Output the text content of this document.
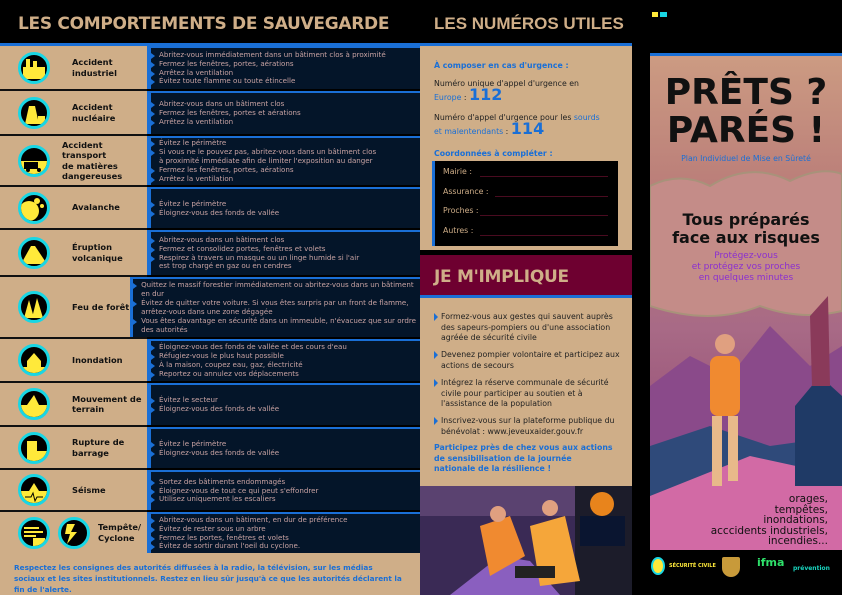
LES COMPORTEMENTS DE SAUVEGARDE
Accident industriel
Abritez-vous immédiatement dans un bâtiment clos à proximité
Fermez les fenêtres, portes, aérations
Arrêtez la ventilation
Évitez toute flamme ou toute étincelle
Accident nucléaire
Abritez-vous dans un bâtiment clos
Fermez les fenêtres, portes et aérations
Arrêtez la ventilation
Accident transport de matières dangereuses
Évitez le périmètre
Si vous ne le pouvez pas, abritez-vous dans un bâtiment clos
à proximité immédiate afin de limiter l'exposition au danger
Fermez les fenêtres, portes, aérations
Arrêtez la ventilation
Avalanche	Évitez le périmètre
Éloignez-vous des fonds de vallée
Éruption volcanique
Abritez-vous dans un bâtiment clos
Fermez et consolidez portes, fenêtres et volets
Respirez à travers un masque ou un linge humide si l'air
est trop chargé en gaz ou en cendres
Feu de forêt
Quittez le massif forestier immédiatement ou abritez-vous dans un bâtiment
en dur
Évitez de quitter votre voiture. Si vous êtes surpris par un front de flamme,
arrêtez-vous dans une zone dégagée
Vous êtes davantage en sécurité dans un immeuble, n'évacuez que sur ordre
des autorités
Inondation
Éloignez-vous des fonds de vallée et des cours d'eau
Réfugiez-vous le plus haut possible
À la maison, coupez eau, gaz, électricité
Reportez ou annulez vos déplacements
Mouvement de terrain
Évitez le secteur
Éloignez-vous des fonds de vallée
Rupture de barrage
Évitez le périmètre
Éloignez-vous des fonds de vallée
Séisme
Sortez des bâtiments endommagés
Éloignez-vous de tout ce qui peut s'effondrer
Utilisez uniquement les escaliers
Tempête/ Cyclone
Abritez-vous dans un bâtiment, en dur de préférence
Évitez de rester sous un arbre
Fermez les portes, fenêtres et volets
Évitez de sortir durant l'oeil du cyclone.
Respectez les consignes des autorités diffusées à la radio, la télévision, sur les médias sociaux et les sites institutionnels. Restez en lieu sûr jusqu'à ce que les autorités déclarent la fin de l'alerte.
LES NUMÉROS UTILES
À composer en cas d'urgence :
Numéro unique d'appel d'urgence en Europe : 112
Numéro d'appel d'urgence pour les sourds et malentendants : 114
Coordonnées à compléter :
Mairie :
Assurance :
Proches :
Autres :
JE M'IMPLIQUE
Formez-vous aux gestes qui sauvent auprès des sapeurs-pompiers ou d'une association agréée de sécurité civile
Devenez pompier volontaire et participez aux actions de secours
Intégrez la réserve communale de sécurité civile pour participer au soutien et à l'assistance de la population
Inscrivez-vous sur la plateforme publique du bénévolat : www.jeveuxaider.gouv.fr
Participez près de chez vous aux actions de sensibilisation de la journée nationale de la résilience !
PRÊTS ?
PARÉS !
Plan Individuel de Mise en Sûreté
Tous préparés
face aux risques
Protégez-vous
et protégez vos proches
en quelques minutes
orages,
tempêtes,
inondations,
acccidents industriels,
incendies...
SÉCURITÉ CIVILE	ifma prévention
